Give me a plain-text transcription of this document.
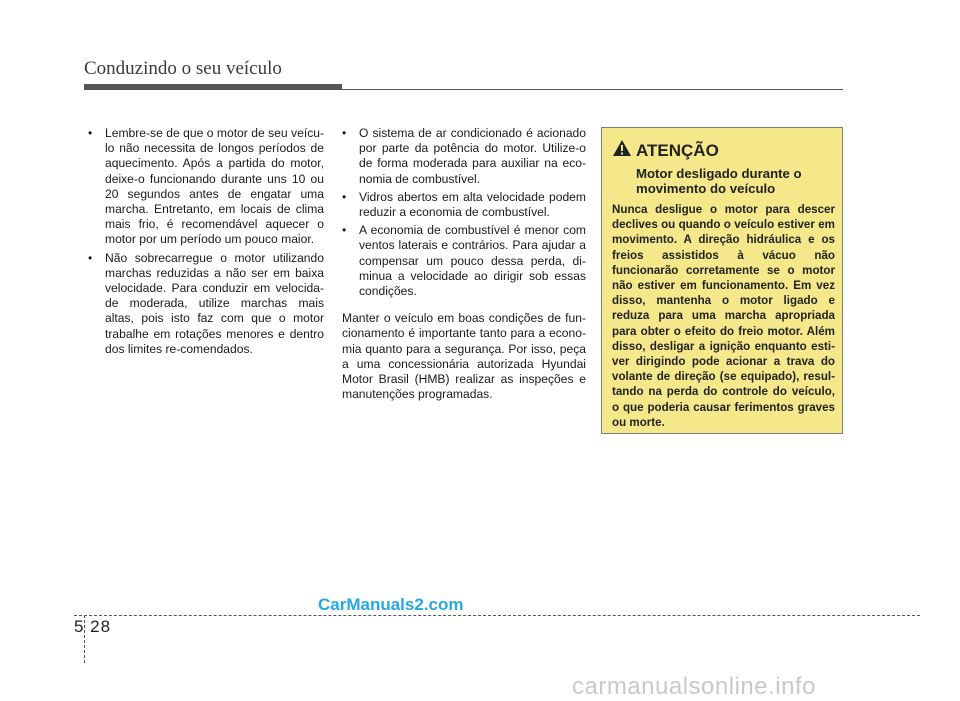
Conduzindo o seu veículo
• Lembre-se de que o motor de seu veícu-lo não necessita de longos períodos de aquecimento. Após a partida do motor, deixe-o funcionando durante uns 10 ou 20 segundos antes de engatar uma marcha. Entretanto, em locais de clima mais frio, é recomendável aquecer o motor por um período um pouco maior.
• Não sobrecarregue o motor utilizando marchas reduzidas a não ser em baixa velocidade. Para conduzir em velocida-de moderada, utilize marchas mais altas, pois isto faz com que o motor trabalhe em rotações menores e dentro dos limites re-comendados.
• O sistema de ar condicionado é acionado por parte da potência do motor. Utilize-o de forma moderada para auxiliar na eco-nomia de combustível.
• Vidros abertos em alta velocidade podem reduzir a economia de combustível.
• A economia de combustível é menor com ventos laterais e contrários. Para ajudar a compensar um pouco dessa perda, di-minua a velocidade ao dirigir sob essas condições.
Manter o veículo em boas condições de fun-cionamento é importante tanto para a econo-mia quanto para a segurança. Por isso, peça a uma concessionária autorizada Hyundai Motor Brasil (HMB) realizar as inspeções e manutenções programadas.
ATENÇÃO
Motor desligado durante o movimento do veículo
Nunca desligue o motor para descer declives ou quando o veículo estiver em movimento. A direção hidráulica e os freios assistidos à vácuo não funcionarão corretamente se o motor não estiver em funcionamento. Em vez disso, mantenha o motor ligado e reduza para uma marcha apropriada para obter o efeito do freio motor. Além disso, desligar a ignição enquanto esti-ver dirigindo pode acionar a trava do volante de direção (se equipado), resul-tando na perda do controle do veículo, o que poderia causar ferimentos graves ou morte.
5 28
CarManuals2.com
carmanualsonline.info
